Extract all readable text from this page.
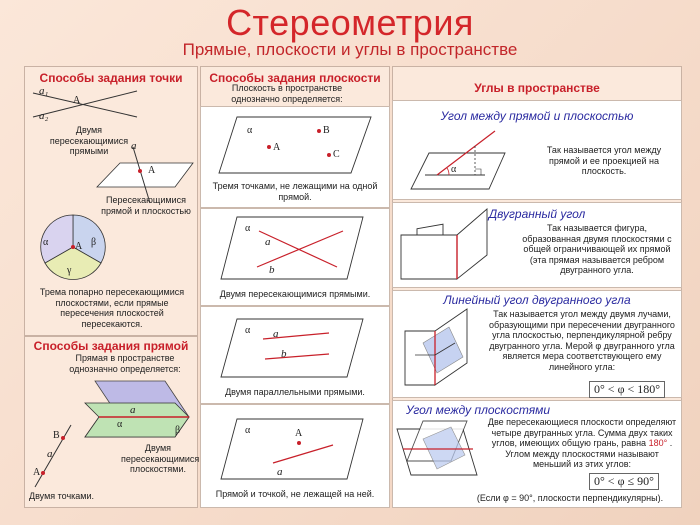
Стереометрия
Прямые, плоскости и углы в пространстве
Способы задания точки
a₁
a₂
A
a
A
α	β
γ
A
Двумя пересекающимися прямыми
Пересекающимися прямой и плоскостью
Трема попарно пересекающимися плоскостями, если прямые пересечения плоскостей пересекаются.
Способы задания прямой
Прямая в пространстве однозначно определяется:
a
α
β
B
A
a	Двумя пересекающимися плоскостями.
Двумя точками.
Способы задания плоскости
Плоскость в пространстве однозначно определяется:
α	B
A
C
Тремя точками, не лежащими на одной прямой.
α
a
b
Двумя пересекающимися прямыми.
α a
b
Двумя параллельными прямыми.
α	A
a
Прямой и точкой, не лежащей на ней.
Углы в пространстве
Угол между прямой и плоскостью
α
Так называется угол между прямой и ее проекцией на плоскость.
Двугранный угол
Так называется фигура, образованная двумя плоскостями с общей ограничивающей их прямой (эта прямая называется ребром двугранного угла.
Линейный угол двугранного угла
Так называется угол между двумя лучами, образующими при пересечении двугранного угла плоскостью, перпендикулярной ребру двугранного угла. Мерой φ двугранного угла является мера соответствующего ему линейного угла:
0° < φ < 180°
Угол между плоскостями
Две пересекающиеся плоскости определяют четыре двугранных угла. Сумма двух таких углов, имеющих общую грань, равна 180° . Углом между плоскостями называют меньший из этих углов:
0° < φ ≤ 90°
(Если φ = 90°, плоскости перпендикулярны).
